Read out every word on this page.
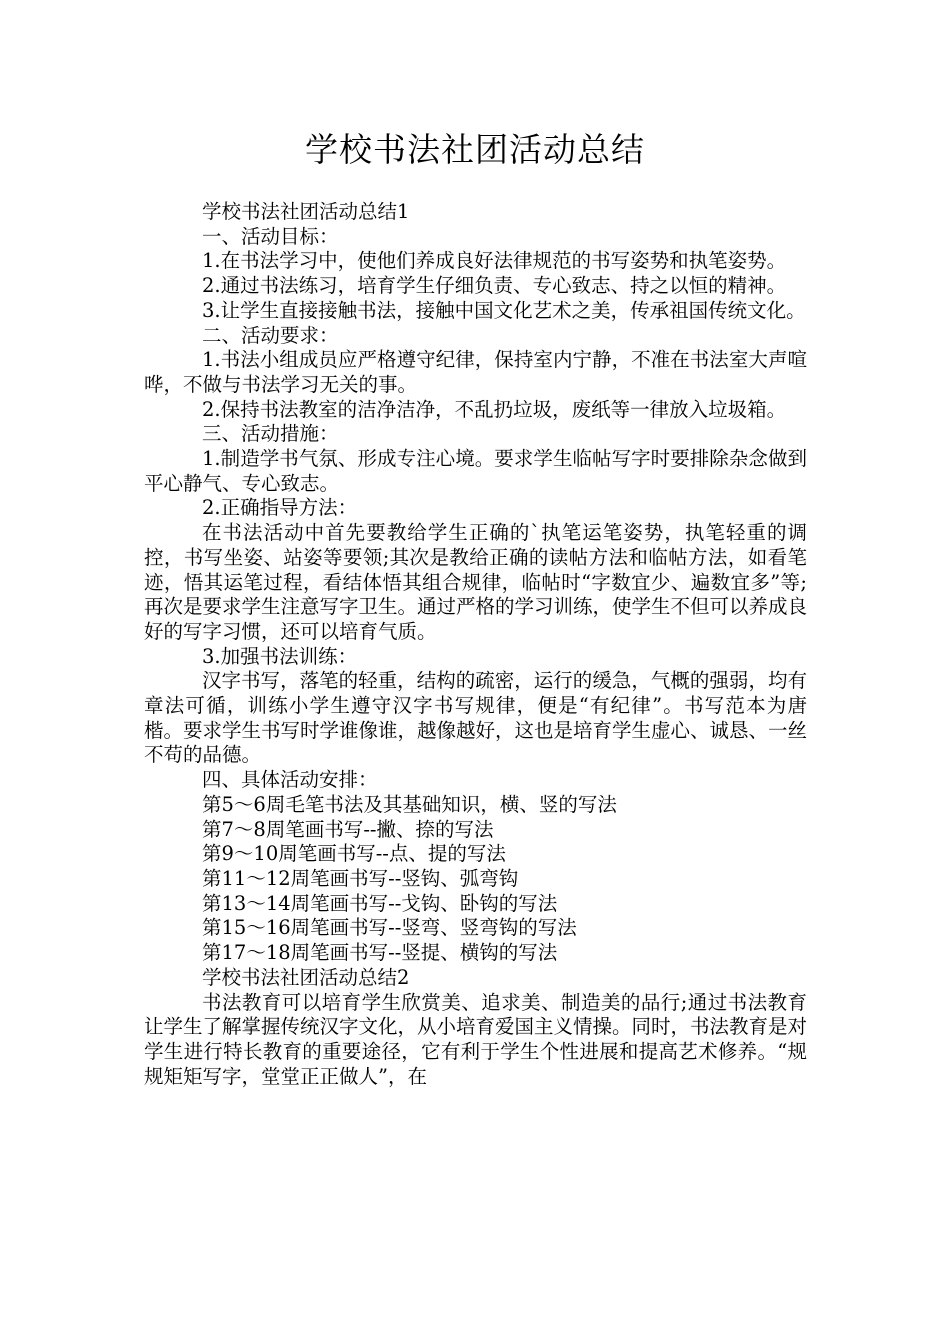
学校书法社团活动总结

学校书法社团活动总结1

一、活动目标：

1.在书法学习中，使他们养成良好法律规范的书写姿势和执笔姿势。

2.通过书法练习，培育学生仔细负责、专心致志、持之以恒的精神。

3.让学生直接接触书法，接触中国文化艺术之美，传承祖国传统文化。

二、活动要求：

1.书法小组成员应严格遵守纪律，保持室内宁静，不准在书法室大声喧哗，不做与书法学习无关的事。

2.保持书法教室的洁净洁净，不乱扔垃圾，废纸等一律放入垃圾箱。

三、活动措施：

1.制造学书气氛、形成专注心境。要求学生临帖写字时要排除杂念做到平心静气、专心致志。

2.正确指导方法：

在书法活动中首先要教给学生正确的`执笔运笔姿势，执笔轻重的调控，书写坐姿、站姿等要领;其次是教给正确的读帖方法和临帖方法，如看笔迹，悟其运笔过程，看结体悟其组合规律，临帖时“字数宜少、遍数宜多”等;再次是要求学生注意写字卫生。通过严格的学习训练，使学生不但可以养成良好的写字习惯，还可以培育气质。

3.加强书法训练：

汉字书写，落笔的轻重，结构的疏密，运行的缓急，气概的强弱，均有章法可循，训练小学生遵守汉字书写规律，便是“有纪律”。书写范本为唐楷。要求学生书写时学谁像谁，越像越好，这也是培育学生虚心、诚恳、一丝不苟的品德。

四、具体活动安排：

第5～6周毛笔书法及其基础知识，横、竖的写法

第7～8周笔画书写--撇、捺的写法

第9～10周笔画书写--点、提的写法

第11～12周笔画书写--竖钩、弧弯钩

第13～14周笔画书写--戈钩、卧钩的写法

第15～16周笔画书写--竖弯、竖弯钩的写法

第17～18周笔画书写--竖提、横钩的写法

学校书法社团活动总结2

书法教育可以培育学生欣赏美、追求美、制造美的品行;通过书法教育让学生了解掌握传统汉字文化，从小培育爱国主义情操。同时，书法教育是对学生进行特长教育的重要途径，它有利于学生个性进展和提高艺术修养。“规规矩矩写字，堂堂正正做人”，在
